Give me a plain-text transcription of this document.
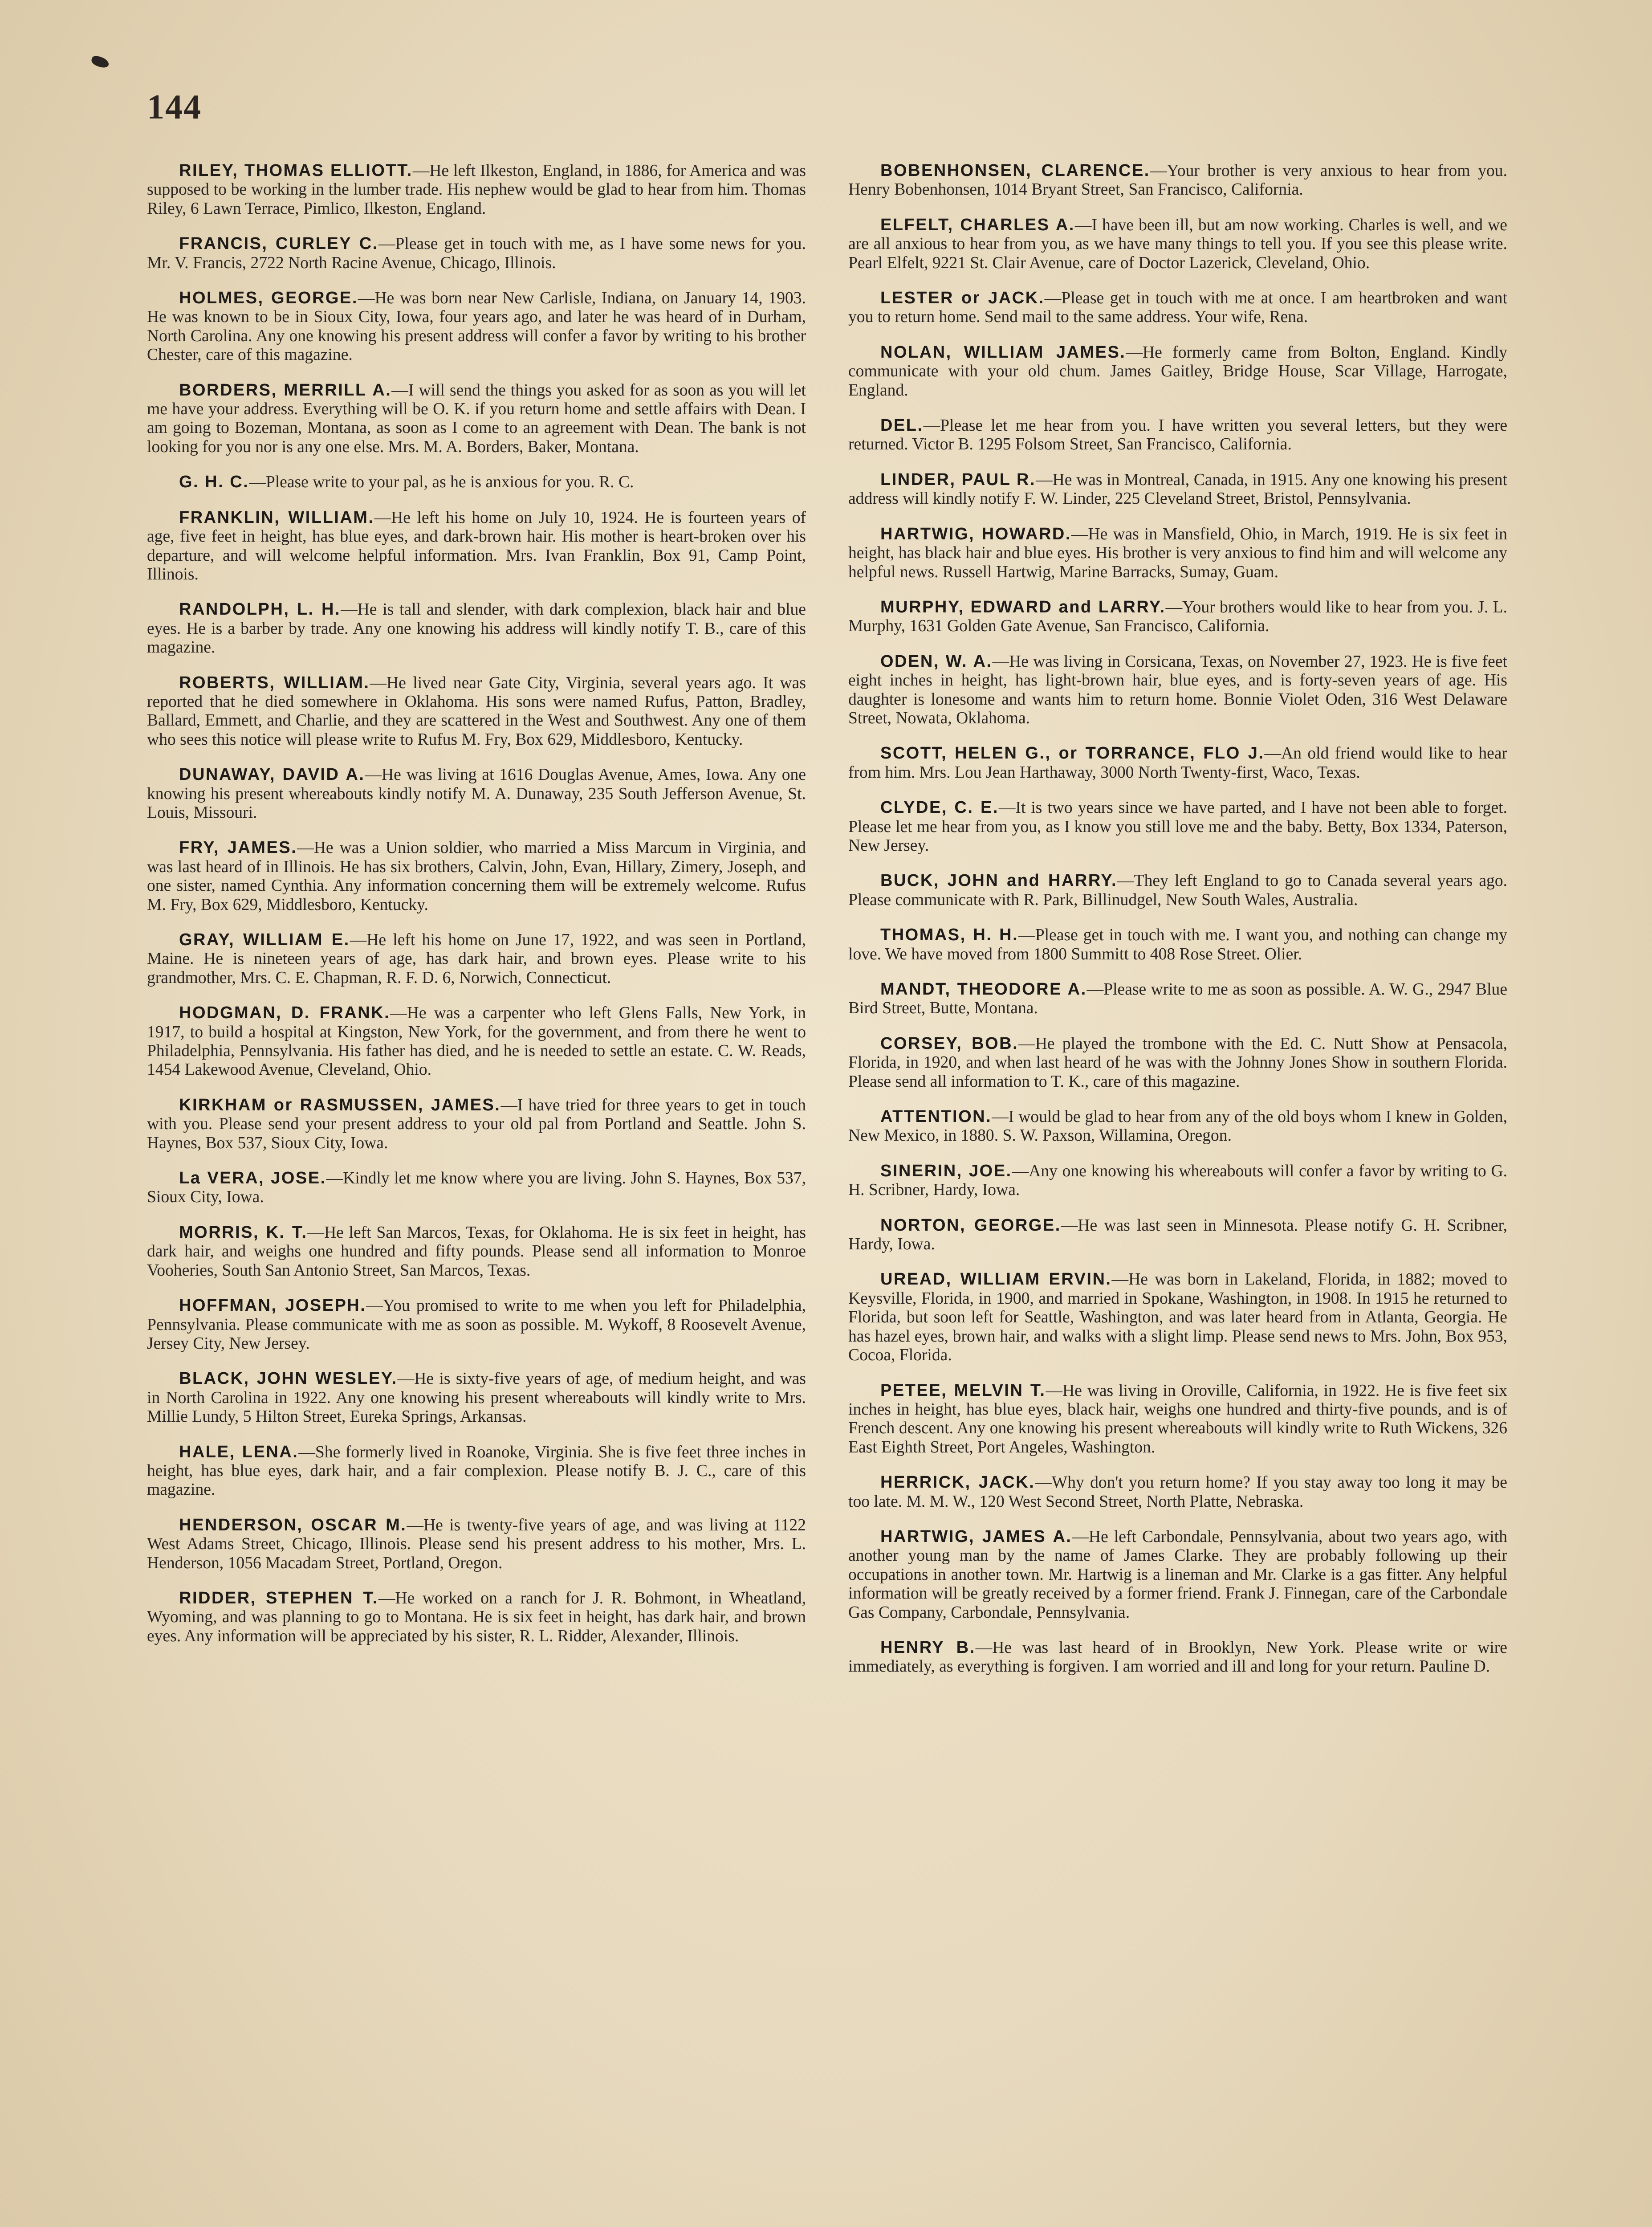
144

RILEY, THOMAS ELLIOTT.—He left Ilkeston, England, in 1886, for America and was supposed to be working in the lumber trade. His nephew would be glad to hear from him. Thomas Riley, 6 Lawn Terrace, Pimlico, Ilkeston, England.

FRANCIS, CURLEY C.—Please get in touch with me, as I have some news for you. Mr. V. Francis, 2722 North Racine Avenue, Chicago, Illinois.

HOLMES, GEORGE.—He was born near New Carlisle, Indiana, on January 14, 1903. He was known to be in Sioux City, Iowa, four years ago, and later he was heard of in Durham, North Carolina. Any one knowing his present address will confer a favor by writing to his brother Chester, care of this magazine.

BORDERS, MERRILL A.—I will send the things you asked for as soon as you will let me have your address. Everything will be O. K. if you return home and settle affairs with Dean. I am going to Bozeman, Montana, as soon as I come to an agreement with Dean. The bank is not looking for you nor is any one else. Mrs. M. A. Borders, Baker, Montana.

G. H. C.—Please write to your pal, as he is anxious for you. R. C.

FRANKLIN, WILLIAM.—He left his home on July 10, 1924. He is fourteen years of age, five feet in height, has blue eyes, and dark-brown hair. His mother is heart-broken over his departure, and will welcome helpful information. Mrs. Ivan Franklin, Box 91, Camp Point, Illinois.

RANDOLPH, L. H.—He is tall and slender, with dark complexion, black hair and blue eyes. He is a barber by trade. Any one knowing his address will kindly notify T. B., care of this magazine.

ROBERTS, WILLIAM.—He lived near Gate City, Virginia, several years ago. It was reported that he died somewhere in Oklahoma. His sons were named Rufus, Patton, Bradley, Ballard, Emmett, and Charlie, and they are scattered in the West and Southwest. Any one of them who sees this notice will please write to Rufus M. Fry, Box 629, Middlesboro, Kentucky.

DUNAWAY, DAVID A.—He was living at 1616 Douglas Avenue, Ames, Iowa. Any one knowing his present whereabouts kindly notify M. A. Dunaway, 235 South Jefferson Avenue, St. Louis, Missouri.

FRY, JAMES.—He was a Union soldier, who married a Miss Marcum in Virginia, and was last heard of in Illinois. He has six brothers, Calvin, John, Evan, Hillary, Zimery, Joseph, and one sister, named Cynthia. Any information concerning them will be extremely welcome. Rufus M. Fry, Box 629, Middlesboro, Kentucky.

GRAY, WILLIAM E.—He left his home on June 17, 1922, and was seen in Portland, Maine. He is nineteen years of age, has dark hair, and brown eyes. Please write to his grandmother, Mrs. C. E. Chapman, R. F. D. 6, Norwich, Connecticut.

HODGMAN, D. FRANK.—He was a carpenter who left Glens Falls, New York, in 1917, to build a hospital at Kingston, New York, for the government, and from there he went to Philadelphia, Pennsylvania. His father has died, and he is needed to settle an estate. C. W. Reads, 1454 Lakewood Avenue, Cleveland, Ohio.

KIRKHAM or RASMUSSEN, JAMES.—I have tried for three years to get in touch with you. Please send your present address to your old pal from Portland and Seattle. John S. Haynes, Box 537, Sioux City, Iowa.

La VERA, JOSE.—Kindly let me know where you are living. John S. Haynes, Box 537, Sioux City, Iowa.

MORRIS, K. T.—He left San Marcos, Texas, for Oklahoma. He is six feet in height, has dark hair, and weighs one hundred and fifty pounds. Please send all information to Monroe Vooheries, South San Antonio Street, San Marcos, Texas.

HOFFMAN, JOSEPH.—You promised to write to me when you left for Philadelphia, Pennsylvania. Please communicate with me as soon as possible. M. Wykoff, 8 Roosevelt Avenue, Jersey City, New Jersey.

BLACK, JOHN WESLEY.—He is sixty-five years of age, of medium height, and was in North Carolina in 1922. Any one knowing his present whereabouts will kindly write to Mrs. Millie Lundy, 5 Hilton Street, Eureka Springs, Arkansas.

HALE, LENA.—She formerly lived in Roanoke, Virginia. She is five feet three inches in height, has blue eyes, dark hair, and a fair complexion. Please notify B. J. C., care of this magazine.

HENDERSON, OSCAR M.—He is twenty-five years of age, and was living at 1122 West Adams Street, Chicago, Illinois. Please send his present address to his mother, Mrs. L. Henderson, 1056 Macadam Street, Portland, Oregon.

RIDDER, STEPHEN T.—He worked on a ranch for J. R. Bohmont, in Wheatland, Wyoming, and was planning to go to Montana. He is six feet in height, has dark hair, and brown eyes. Any information will be appreciated by his sister, R. L. Ridder, Alexander, Illinois.

BOBENHONSEN, CLARENCE.—Your brother is very anxious to hear from you. Henry Bobenhonsen, 1014 Bryant Street, San Francisco, California.

ELFELT, CHARLES A.—I have been ill, but am now working. Charles is well, and we are all anxious to hear from you, as we have many things to tell you. If you see this please write. Pearl Elfelt, 9221 St. Clair Avenue, care of Doctor Lazerick, Cleveland, Ohio.

LESTER or JACK.—Please get in touch with me at once. I am heartbroken and want you to return home. Send mail to the same address. Your wife, Rena.

NOLAN, WILLIAM JAMES.—He formerly came from Bolton, England. Kindly communicate with your old chum. James Gaitley, Bridge House, Scar Village, Harrogate, England.

DEL.—Please let me hear from you. I have written you several letters, but they were returned. Victor B. 1295 Folsom Street, San Francisco, California.

LINDER, PAUL R.—He was in Montreal, Canada, in 1915. Any one knowing his present address will kindly notify F. W. Linder, 225 Cleveland Street, Bristol, Pennsylvania.

HARTWIG, HOWARD.—He was in Mansfield, Ohio, in March, 1919. He is six feet in height, has black hair and blue eyes. His brother is very anxious to find him and will welcome any helpful news. Russell Hartwig, Marine Barracks, Sumay, Guam.

MURPHY, EDWARD and LARRY.—Your brothers would like to hear from you. J. L. Murphy, 1631 Golden Gate Avenue, San Francisco, California.

ODEN, W. A.—He was living in Corsicana, Texas, on November 27, 1923. He is five feet eight inches in height, has light-brown hair, blue eyes, and is forty-seven years of age. His daughter is lonesome and wants him to return home. Bonnie Violet Oden, 316 West Delaware Street, Nowata, Oklahoma.

SCOTT, HELEN G., or TORRANCE, FLO J.—An old friend would like to hear from him. Mrs. Lou Jean Harthaway, 3000 North Twenty-first, Waco, Texas.

CLYDE, C. E.—It is two years since we have parted, and I have not been able to forget. Please let me hear from you, as I know you still love me and the baby. Betty, Box 1334, Paterson, New Jersey.

BUCK, JOHN and HARRY.—They left England to go to Canada several years ago. Please communicate with R. Park, Billinudgel, New South Wales, Australia.

THOMAS, H. H.—Please get in touch with me. I want you, and nothing can change my love. We have moved from 1800 Summitt to 408 Rose Street. Olier.

MANDT, THEODORE A.—Please write to me as soon as possible. A. W. G., 2947 Blue Bird Street, Butte, Montana.

CORSEY, BOB.—He played the trombone with the Ed. C. Nutt Show at Pensacola, Florida, in 1920, and when last heard of he was with the Johnny Jones Show in southern Florida. Please send all information to T. K., care of this magazine.

ATTENTION.—I would be glad to hear from any of the old boys whom I knew in Golden, New Mexico, in 1880. S. W. Paxson, Willamina, Oregon.

SINERIN, JOE.—Any one knowing his whereabouts will confer a favor by writing to G. H. Scribner, Hardy, Iowa.

NORTON, GEORGE.—He was last seen in Minnesota. Please notify G. H. Scribner, Hardy, Iowa.

UREAD, WILLIAM ERVIN.—He was born in Lakeland, Florida, in 1882; moved to Keysville, Florida, in 1900, and married in Spokane, Washington, in 1908. In 1915 he returned to Florida, but soon left for Seattle, Washington, and was later heard from in Atlanta, Georgia. He has hazel eyes, brown hair, and walks with a slight limp. Please send news to Mrs. John, Box 953, Cocoa, Florida.

PETEE, MELVIN T.—He was living in Oroville, California, in 1922. He is five feet six inches in height, has blue eyes, black hair, weighs one hundred and thirty-five pounds, and is of French descent. Any one knowing his present whereabouts will kindly write to Ruth Wickens, 326 East Eighth Street, Port Angeles, Washington.

HERRICK, JACK.—Why don't you return home? If you stay away too long it may be too late. M. M. W., 120 West Second Street, North Platte, Nebraska.

HARTWIG, JAMES A.—He left Carbondale, Pennsylvania, about two years ago, with another young man by the name of James Clarke. They are probably following up their occupations in another town. Mr. Hartwig is a lineman and Mr. Clarke is a gas fitter. Any helpful information will be greatly received by a former friend. Frank J. Finnegan, care of the Carbondale Gas Company, Carbondale, Pennsylvania.

HENRY B.—He was last heard of in Brooklyn, New York. Please write or wire immediately, as everything is forgiven. I am worried and ill and long for your return. Pauline D.
